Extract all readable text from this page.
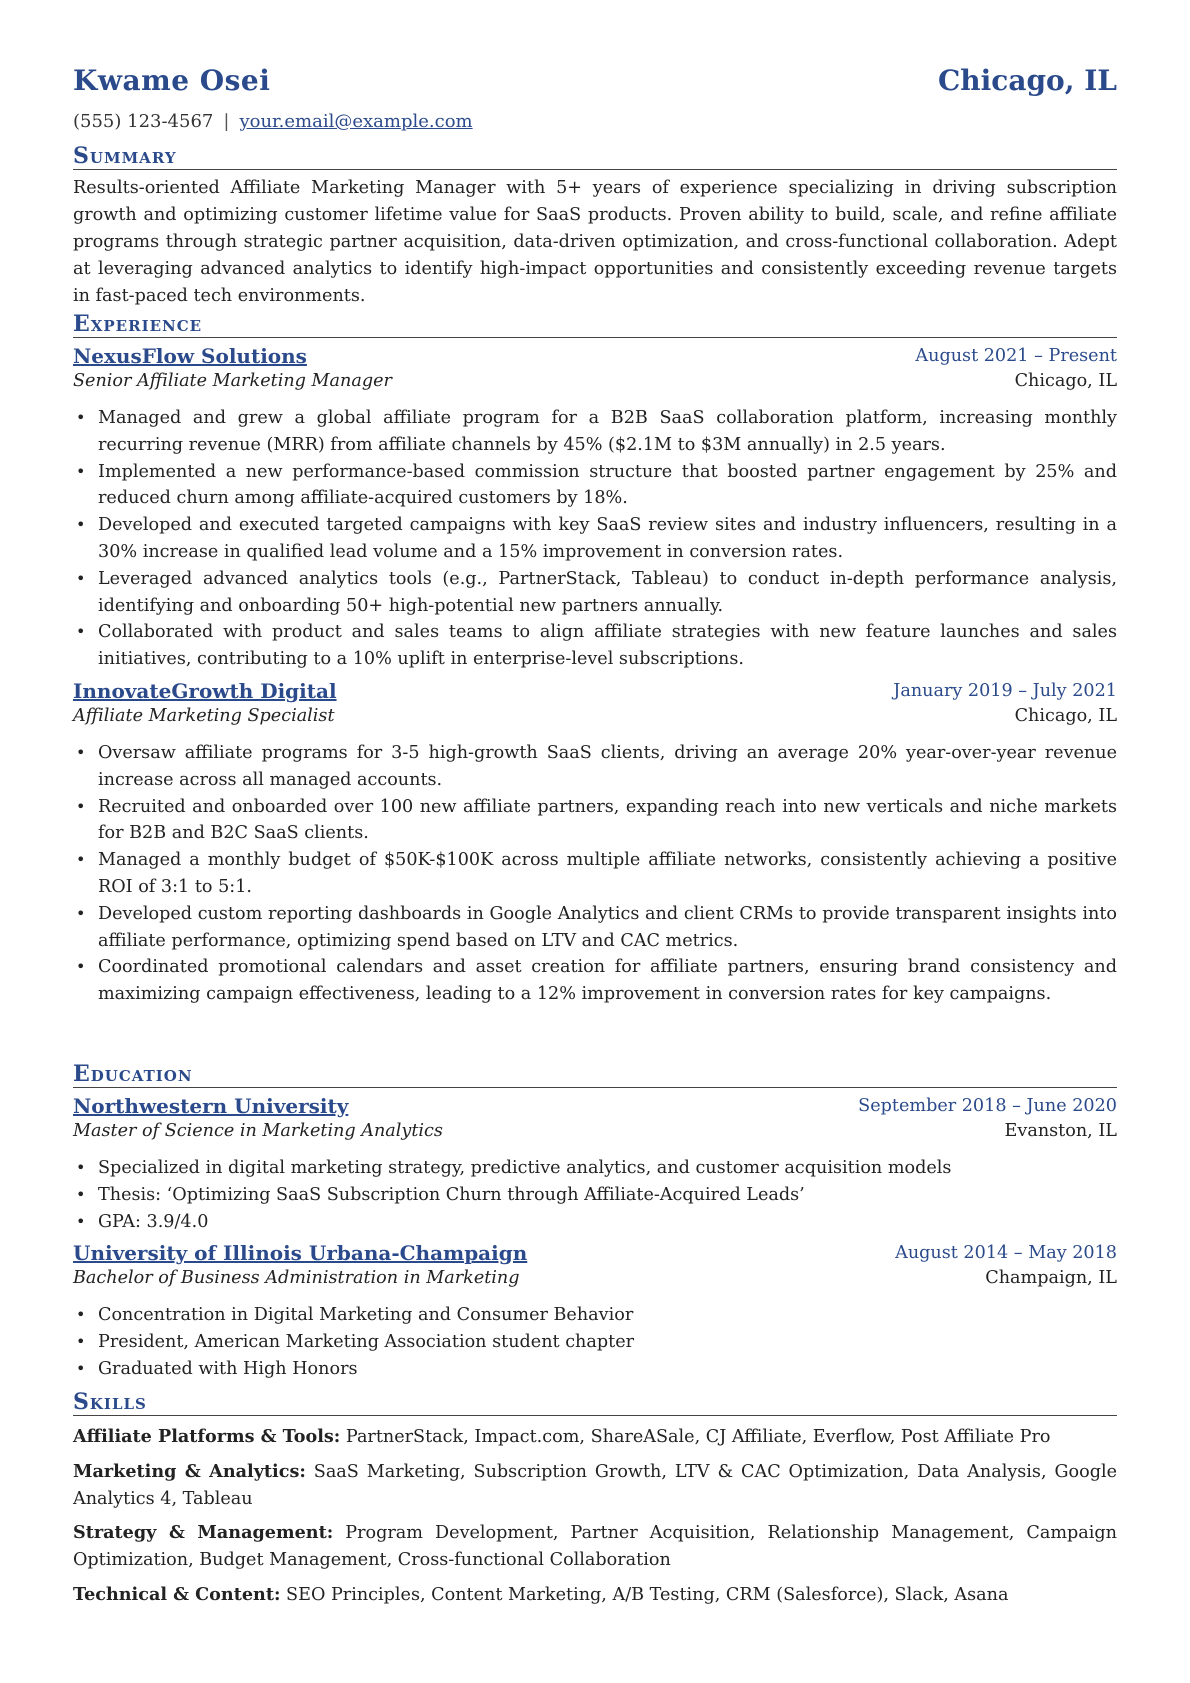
Kwame Osei	Chicago, IL
(555) 123-4567 | your.email@example.com
Summary

Results-oriented Affiliate Marketing Manager with 5+ years of experience specializing in driving subscription growth and optimizing customer lifetime value for SaaS products. Proven ability to build, scale, and refine affiliate programs through strategic partner acquisition, data-driven optimization, and cross-functional collaboration. Adept at leveraging advanced analytics to identify high-impact opportunities and consistently exceeding revenue targets in fast-paced tech environments.

Experience
NexusFlow Solutions	August 2021 – Present
Senior Affiliate Marketing Manager	Chicago, IL
• Managed and grew a global affiliate program for a B2B SaaS collaboration platform, increasing monthly recurring revenue (MRR) from affiliate channels by 45% ($2.1M to $3M annually) in 2.5 years.
• Implemented a new performance-based commission structure that boosted partner engagement by 25% and reduced churn among affiliate-acquired customers by 18%.
• Developed and executed targeted campaigns with key SaaS review sites and industry influencers, resulting in a 30% increase in qualified lead volume and a 15% improvement in conversion rates.
• Leveraged advanced analytics tools (e.g., PartnerStack, Tableau) to conduct in-depth performance analysis, identifying and onboarding 50+ high-potential new partners annually.
• Collaborated with product and sales teams to align affiliate strategies with new feature launches and sales initiatives, contributing to a 10% uplift in enterprise-level subscriptions.
InnovateGrowth Digital	January 2019 – July 2021
Affiliate Marketing Specialist	Chicago, IL
• Oversaw affiliate programs for 3-5 high-growth SaaS clients, driving an average 20% year-over-year revenue increase across all managed accounts.
• Recruited and onboarded over 100 new affiliate partners, expanding reach into new verticals and niche markets for B2B and B2C SaaS clients.
• Managed a monthly budget of $50K-$100K across multiple affiliate networks, consistently achieving a positive ROI of 3:1 to 5:1.
• Developed custom reporting dashboards in Google Analytics and client CRMs to provide transparent insights into affiliate performance, optimizing spend based on LTV and CAC metrics.
• Coordinated promotional calendars and asset creation for affiliate partners, ensuring brand consistency and maximizing campaign effectiveness, leading to a 12% improvement in conversion rates for key campaigns.
Education
Northwestern University	September 2018 – June 2020
Master of Science in Marketing Analytics	Evanston, IL
• Specialized in digital marketing strategy, predictive analytics, and customer acquisition models
• Thesis: ‘Optimizing SaaS Subscription Churn through Affiliate-Acquired Leads’
• GPA: 3.9/4.0
University of Illinois Urbana-Champaign	August 2014 – May 2018
Bachelor of Business Administration in Marketing	Champaign, IL
• Concentration in Digital Marketing and Consumer Behavior
• President, American Marketing Association student chapter
• Graduated with High Honors
Skills
Affiliate Platforms & Tools: PartnerStack, Impact.com, ShareASale, CJ Affiliate, Everflow, Post Affiliate Pro
Marketing & Analytics: SaaS Marketing, Subscription Growth, LTV & CAC Optimization, Data Analysis, Google Analytics 4, Tableau
Strategy & Management: Program Development, Partner Acquisition, Relationship Management, Campaign Optimization, Budget Management, Cross-functional Collaboration
Technical & Content: SEO Principles, Content Marketing, A/B Testing, CRM (Salesforce), Slack, Asana
